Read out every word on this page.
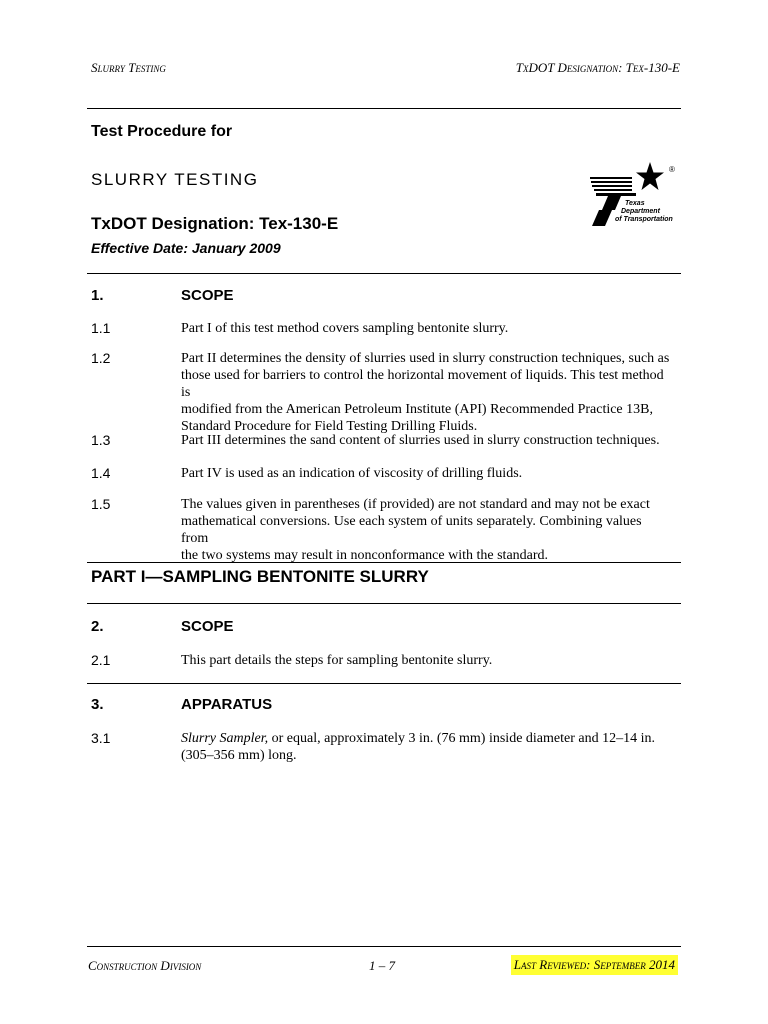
Slurry Testing	TxDOT Designation: Tex-130-E
Test Procedure for
SLURRY TESTING
TxDOT Designation: Tex-130-E
Effective Date: January 2009
Texas
Department
of Transportation
®
1.	SCOPE
1.1	Part I of this test method covers sampling bentonite slurry.
1.2	Part II determines the density of slurries used in slurry construction techniques, such as
those used for barriers to control the horizontal movement of liquids. This test method is
modified from the American Petroleum Institute (API) Recommended Practice 13B,
Standard Procedure for Field Testing Drilling Fluids.
1.3	Part III determines the sand content of slurries used in slurry construction techniques.
1.4	Part IV is used as an indication of viscosity of drilling fluids.
1.5	The values given in parentheses (if provided) are not standard and may not be exact
mathematical conversions. Use each system of units separately. Combining values from
the two systems may result in nonconformance with the standard.
PART I—SAMPLING BENTONITE SLURRY
2.	SCOPE
2.1	This part details the steps for sampling bentonite slurry.
3.	APPARATUS
3.1	Slurry Sampler, or equal, approximately 3 in. (76 mm) inside diameter and 12–14 in.
(305–356 mm) long.
Construction Division	1 – 7	Last Reviewed: September 2014
